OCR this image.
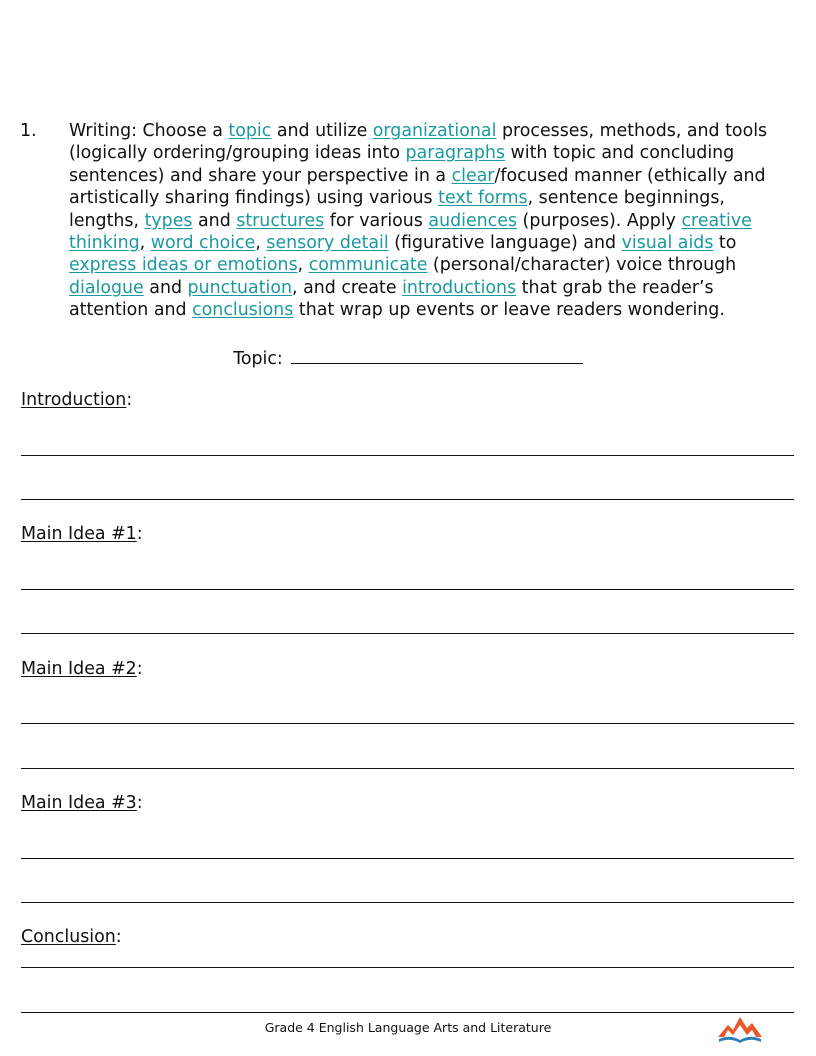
1. Writing: Choose a topic and utilize organizational processes, methods, and tools (logically ordering/grouping ideas into paragraphs with topic and concluding sentences) and share your perspective in a clear/focused manner (ethically and artistically sharing findings) using various text forms, sentence beginnings, lengths, types and structures for various audiences (purposes). Apply creative thinking, word choice, sensory detail (figurative language) and visual aids to express ideas or emotions, communicate (personal/character) voice through dialogue and punctuation, and create introductions that grab the reader’s attention and conclusions that wrap up events or leave readers wondering.
Topic:
Introduction:
Main Idea #1:
Main Idea #2:
Main Idea #3:
Conclusion:
Grade 4 English Language Arts and Literature
